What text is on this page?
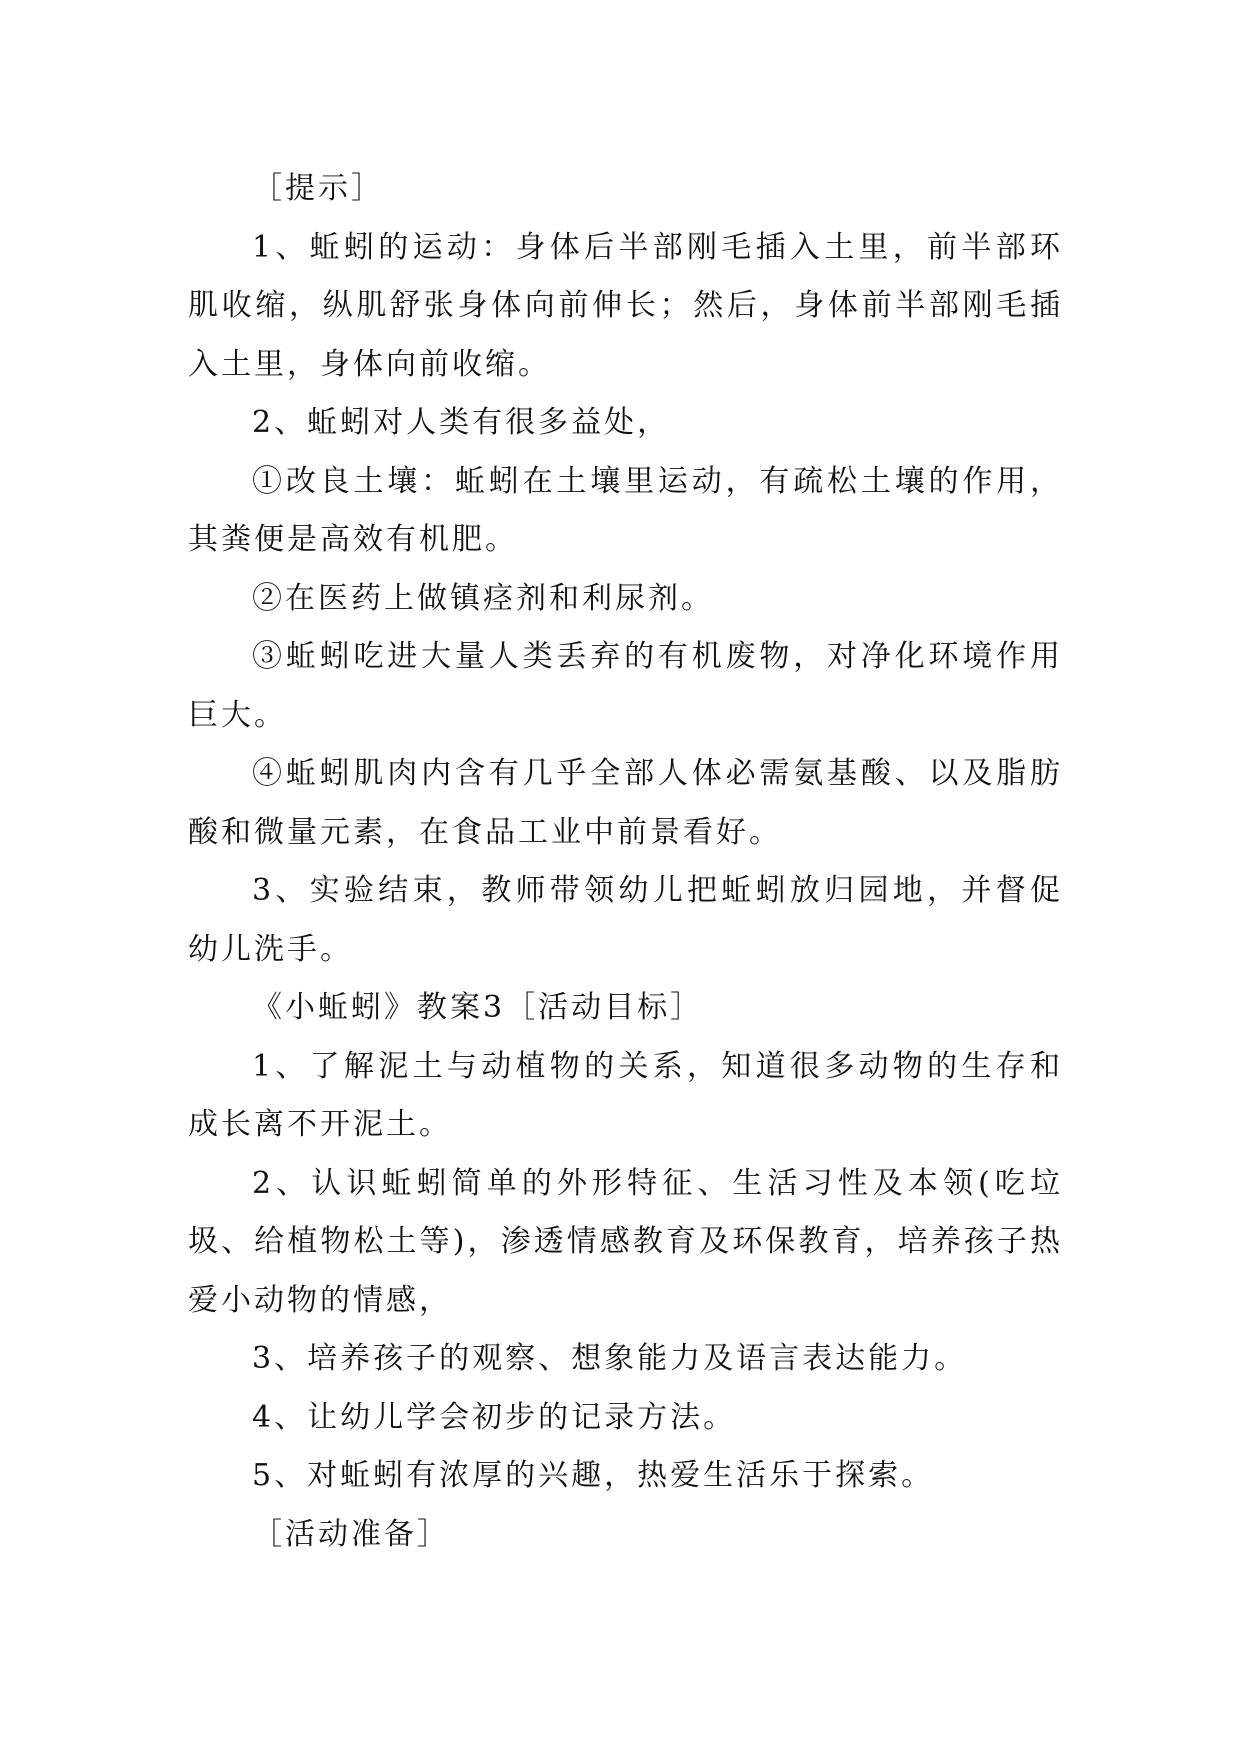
［提示］

1、蚯蚓的运动：身体后半部刚毛插入土里，前半部环肌收缩，纵肌舒张身体向前伸长；然后，身体前半部刚毛插入土里，身体向前收缩。

2、蚯蚓对人类有很多益处，

①改良土壤：蚯蚓在土壤里运动，有疏松土壤的作用，其粪便是高效有机肥。

②在医药上做镇痉剂和利尿剂。

③蚯蚓吃进大量人类丢弃的有机废物，对净化环境作用巨大。

④蚯蚓肌肉内含有几乎全部人体必需氨基酸、以及脂肪酸和微量元素，在食品工业中前景看好。

3、实验结束，教师带领幼儿把蚯蚓放归园地，并督促幼儿洗手。

《小蚯蚓》教案3［活动目标］

1、了解泥土与动植物的关系，知道很多动物的生存和成长离不开泥土。

2、认识蚯蚓简单的外形特征、生活习性及本领(吃垃圾、给植物松土等)，渗透情感教育及环保教育，培养孩子热爱小动物的情感，

3、培养孩子的观察、想象能力及语言表达能力。

4、让幼儿学会初步的记录方法。

5、对蚯蚓有浓厚的兴趣，热爱生活乐于探索。

［活动准备］
